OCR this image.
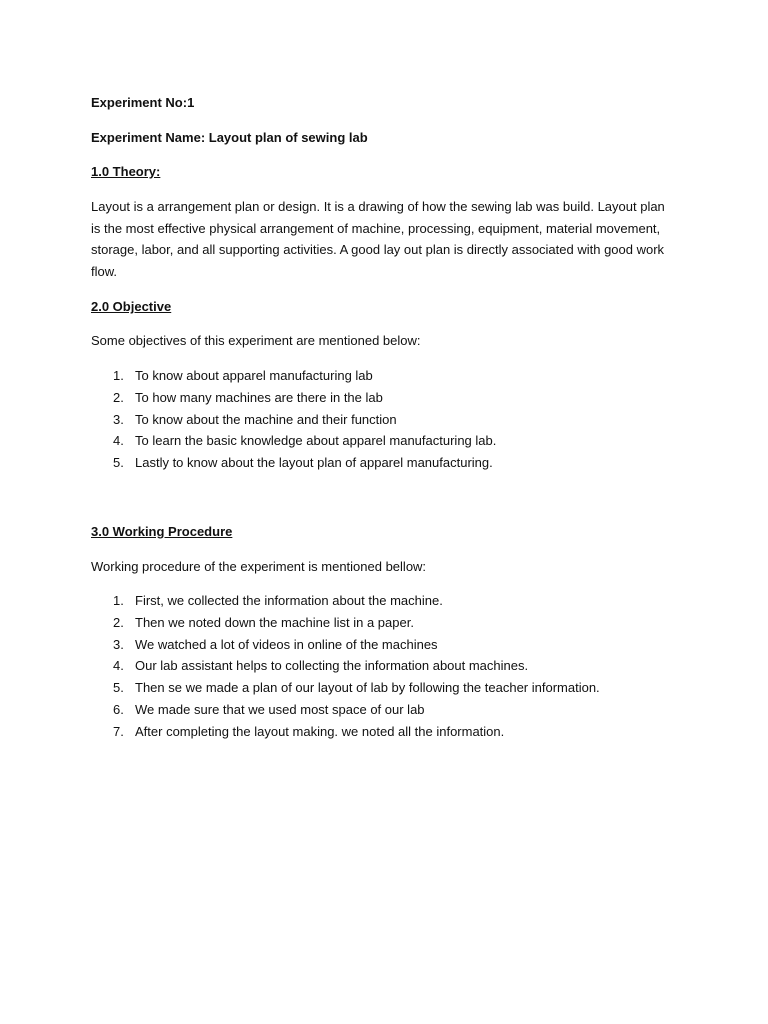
Experiment No:1

Experiment Name: Layout plan of sewing lab

1.0 Theory:

Layout is a arrangement plan or design. It is a drawing of how the sewing lab was build. Layout plan is the most effective physical arrangement of machine, processing, equipment, material movement, storage, labor, and all supporting activities. A good lay out plan is directly associated with good work flow.

2.0 Objective

Some objectives of this experiment are mentioned below:

1. To know about apparel manufacturing lab
2. To how many machines are there in the lab
3. To know about the machine and their function
4. To learn the basic knowledge about apparel manufacturing lab.
5. Lastly to know about the layout plan of apparel manufacturing.

3.0 Working Procedure

Working procedure of the experiment is mentioned bellow:

1. First, we collected the information about the machine.
2. Then we noted down the machine list in a paper.
3. We watched a lot of videos in online of the machines
4. Our lab assistant helps to collecting the information about machines.
5. Then se we made a plan of our layout of lab by following the teacher information.
6. We made sure that we used most space of our lab
7. After completing the layout making. we noted all the information.
